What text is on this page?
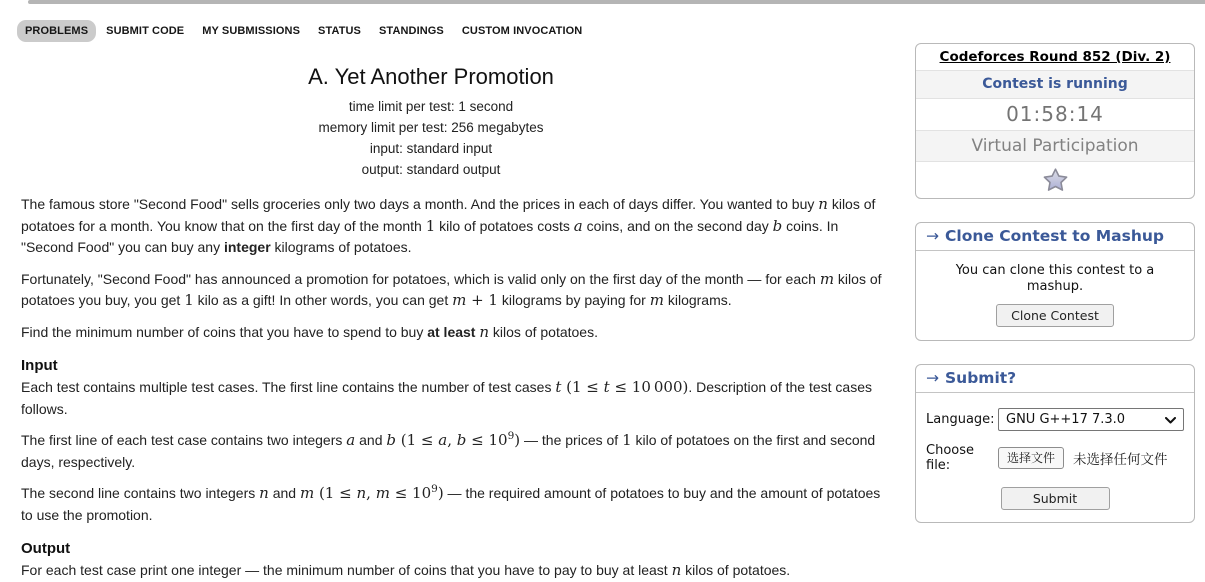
PROBLEMS	SUBMIT CODE	MY SUBMISSIONS	STATUS	STANDINGS	CUSTOM INVOCATION
A. Yet Another Promotion
time limit per test: 1 second
memory limit per test: 256 megabytes
input: standard input
output: standard output

The famous store "Second Food" sells groceries only two days a month. And the prices in each of days differ. You wanted to buy n kilos of potatoes for a month. You know that on the first day of the month 1 kilo of potatoes costs a coins, and on the second day b coins. In "Second Food" you can buy any integer kilograms of potatoes.

Fortunately, "Second Food" has announced a promotion for potatoes, which is valid only on the first day of the month — for each m kilos of potatoes you buy, you get 1 kilo as a gift! In other words, you can get m + 1 kilograms by paying for m kilograms.

Find the minimum number of coins that you have to spend to buy at least n kilos of potatoes.

Input

Each test contains multiple test cases. The first line contains the number of test cases t (1 ≤ t ≤ 10 000). Description of the test cases follows.

The first line of each test case contains two integers a and b (1 ≤ a, $b \le 10^9$) — the prices of 1 kilo of potatoes on the first and second days, respectively.

The second line contains two integers n and m (1 ≤ n, $m \le 10^9$) — the required amount of potatoes to buy and the amount of potatoes to use the promotion.

Output

For each test case print one integer — the minimum number of coins that you have to pay to buy at least n kilos of potatoes.

Codeforces Round 852 (Div. 2)
Contest is running
01:58:14
Virtual Participation
→ Clone Contest to Mashup
You can clone this contest to a mashup.
Clone Contest
→ Submit?
Language: GNU G++17 7.3.0
Choose file:	选择文件	未选择任何文件
Submit
